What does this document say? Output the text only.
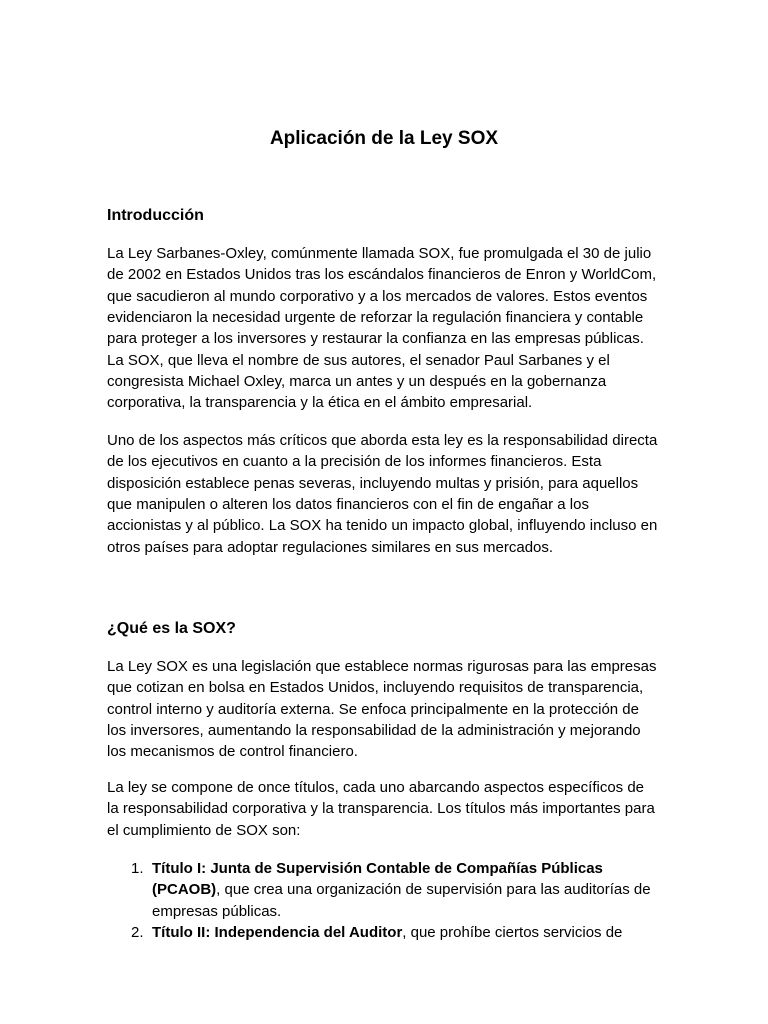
Aplicación de la Ley SOX
Introducción

La Ley Sarbanes-Oxley, comúnmente llamada SOX, fue promulgada el 30 de julio
de 2002 en Estados Unidos tras los escándalos financieros de Enron y WorldCom,
que sacudieron al mundo corporativo y a los mercados de valores. Estos eventos
evidenciaron la necesidad urgente de reforzar la regulación financiera y contable
para proteger a los inversores y restaurar la confianza en las empresas públicas.
La SOX, que lleva el nombre de sus autores, el senador Paul Sarbanes y el
congresista Michael Oxley, marca un antes y un después en la gobernanza
corporativa, la transparencia y la ética en el ámbito empresarial.

Uno de los aspectos más críticos que aborda esta ley es la responsabilidad directa
de los ejecutivos en cuanto a la precisión de los informes financieros. Esta
disposición establece penas severas, incluyendo multas y prisión, para aquellos
que manipulen o alteren los datos financieros con el fin de engañar a los
accionistas y al público. La SOX ha tenido un impacto global, influyendo incluso en
otros países para adoptar regulaciones similares en sus mercados.

¿Qué es la SOX?

La Ley SOX es una legislación que establece normas rigurosas para las empresas
que cotizan en bolsa en Estados Unidos, incluyendo requisitos de transparencia,
control interno y auditoría externa. Se enfoca principalmente en la protección de
los inversores, aumentando la responsabilidad de la administración y mejorando
los mecanismos de control financiero.

La ley se compone de once títulos, cada uno abarcando aspectos específicos de
la responsabilidad corporativa y la transparencia. Los títulos más importantes para
el cumplimiento de SOX son:

1. Título I: Junta de Supervisión Contable de Compañías Públicas
(PCAOB), que crea una organización de supervisión para las auditorías de
empresas públicas.
2. Título II: Independencia del Auditor, que prohíbe ciertos servicios de
